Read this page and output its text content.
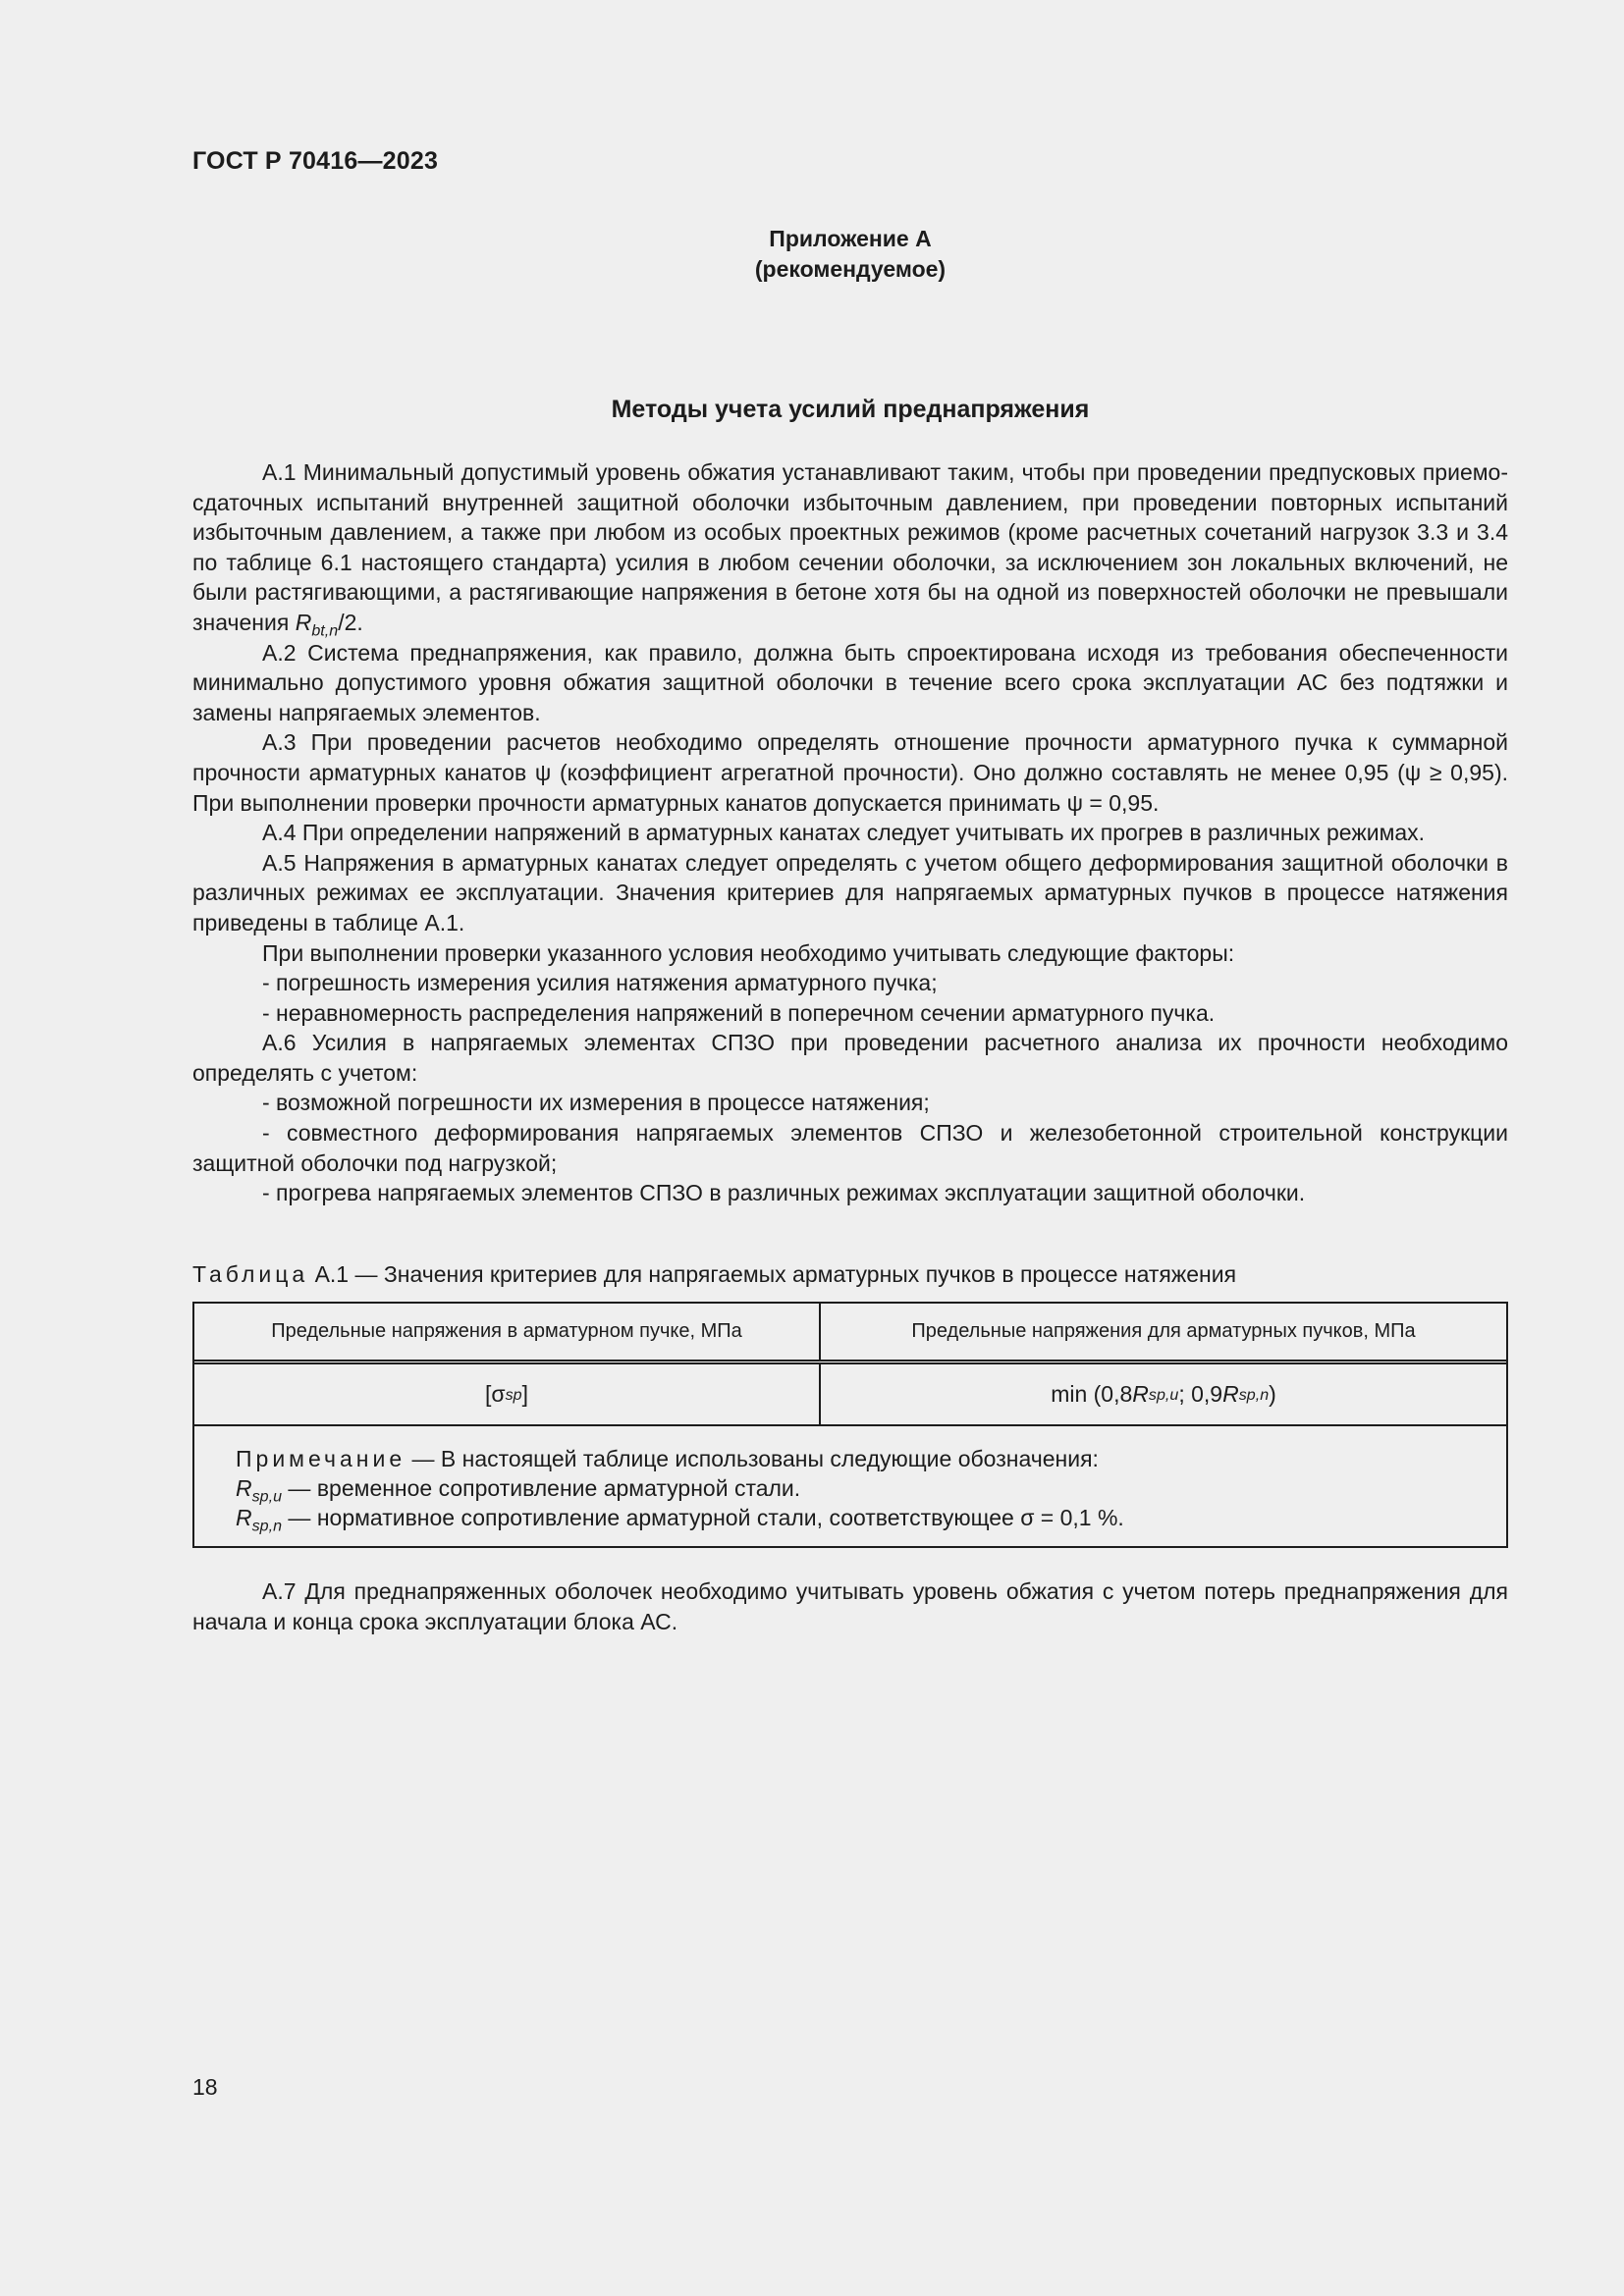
ГОСТ Р 70416—2023
Приложение А
(рекомендуемое)
Методы учета усилий преднапряжения

А.1 Минимальный допустимый уровень обжатия устанавливают таким, чтобы при проведении предпусковых приемо-сдаточных испытаний внутренней защитной оболочки избыточным давлением, при проведении повторных испытаний избыточным давлением, а также при любом из особых проектных режимов (кроме расчетных сочетаний нагрузок 3.3 и 3.4 по таблице 6.1 настоящего стандарта) усилия в любом сечении оболочки, за исключением зон локальных включений, не были растягивающими, а растягивающие напряжения в бетоне хотя бы на одной из поверхностей оболочки не превышали значения $R_{bt,n}/2$.

А.2 Система преднапряжения, как правило, должна быть спроектирована исходя из требования обеспеченности минимально допустимого уровня обжатия защитной оболочки в течение всего срока эксплуатации АС без подтяжки и замены напрягаемых элементов.

А.3 При проведении расчетов необходимо определять отношение прочности арматурного пучка к суммарной прочности арматурных канатов ψ (коэффициент агрегатной прочности). Оно должно составлять не менее 0,95 (ψ ≥ 0,95). При выполнении проверки прочности арматурных канатов допускается принимать ψ = 0,95.

А.4 При определении напряжений в арматурных канатах следует учитывать их прогрев в различных режимах.

А.5 Напряжения в арматурных канатах следует определять с учетом общего деформирования защитной оболочки в различных режимах ее эксплуатации. Значения критериев для напрягаемых арматурных пучков в процессе натяжения приведены в таблице А.1.

При выполнении проверки указанного условия необходимо учитывать следующие факторы:

- погрешность измерения усилия натяжения арматурного пучка;

- неравномерность распределения напряжений в поперечном сечении арматурного пучка.

А.6 Усилия в напрягаемых элементах СПЗО при проведении расчетного анализа их прочности необходимо определять с учетом:

- возможной погрешности их измерения в процессе натяжения;

- совместного деформирования напрягаемых элементов СПЗО и железобетонной строительной конструкции защитной оболочки под нагрузкой;

- прогрева напрягаемых элементов СПЗО в различных режимах эксплуатации защитной оболочки.

Таблица А.1 — Значения критериев для напрягаемых арматурных пучков в процессе натяжения
Предельные напряжения в арматурном пучке, МПа	Предельные напряжения для арматурных пучков, МПа
[σ sp ]	min (0,8 R sp,u ; 0,9 R sp,n )
Примечание — В настоящей таблице использованы следующие обозначения:
$R_{sp,u}$ — временное сопротивление арматурной стали.
$R_{sp,n}$ — нормативное сопротивление арматурной стали, соответствующее σ = 0,1 %.

А.7 Для преднапряженных оболочек необходимо учитывать уровень обжатия с учетом потерь преднапряжения для начала и конца срока эксплуатации блока АС.

18
